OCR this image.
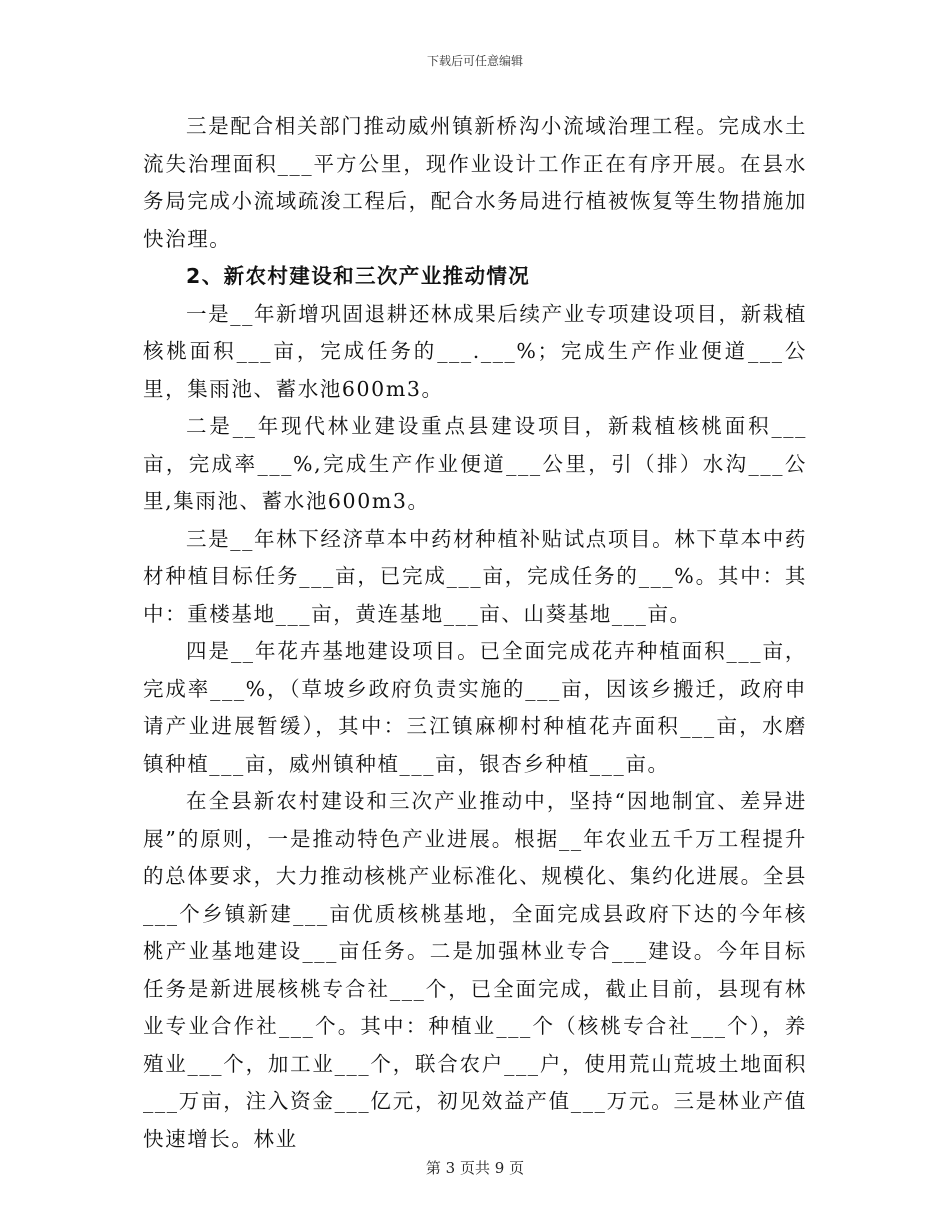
下载后可任意编辑

三是配合相关部门推动威州镇新桥沟小流域治理工程。完成水土流失治理面积___平方公里，现作业设计工作正在有序开展。在县水务局完成小流域疏浚工程后，配合水务局进行植被恢复等生物措施加快治理。

2、新农村建设和三次产业推动情况

一是__年新增巩固退耕还林成果后续产业专项建设项目，新栽植核桃面积___亩，完成任务的___.___%；完成生产作业便道___公里，集雨池、蓄水池600m3。

二是__年现代林业建设重点县建设项目，新栽植核桃面积___亩，完成率___%,完成生产作业便道___公里，引（排）水沟___公里,集雨池、蓄水池600m3。

三是__年林下经济草本中药材种植补贴试点项目。林下草本中药材种植目标任务___亩，已完成___亩，完成任务的___%。其中：其中：重楼基地___亩，黄连基地___亩、山葵基地___亩。

四是__年花卉基地建设项目。已全面完成花卉种植面积___亩，完成率___%，（草坡乡政府负责实施的___亩，因该乡搬迁，政府申请产业进展暂缓），其中：三江镇麻柳村种植花卉面积___亩，水磨镇种植___亩，威州镇种植___亩，银杏乡种植___亩。

在全县新农村建设和三次产业推动中，坚持“因地制宜、差异进展”的原则，一是推动特色产业进展。根据__年农业五千万工程提升的总体要求，大力推动核桃产业标准化、规模化、集约化进展。全县___个乡镇新建___亩优质核桃基地，全面完成县政府下达的今年核桃产业基地建设___亩任务。二是加强林业专合___建设。今年目标任务是新进展核桃专合社___个，已全面完成，截止目前，县现有林业专业合作社___个。其中：种植业___个（核桃专合社___个），养殖业___个，加工业___个，联合农户___户，使用荒山荒坡土地面积___万亩，注入资金___亿元，初见效益产值___万元。三是林业产值快速增长。林业

第 3 页共 9 页
